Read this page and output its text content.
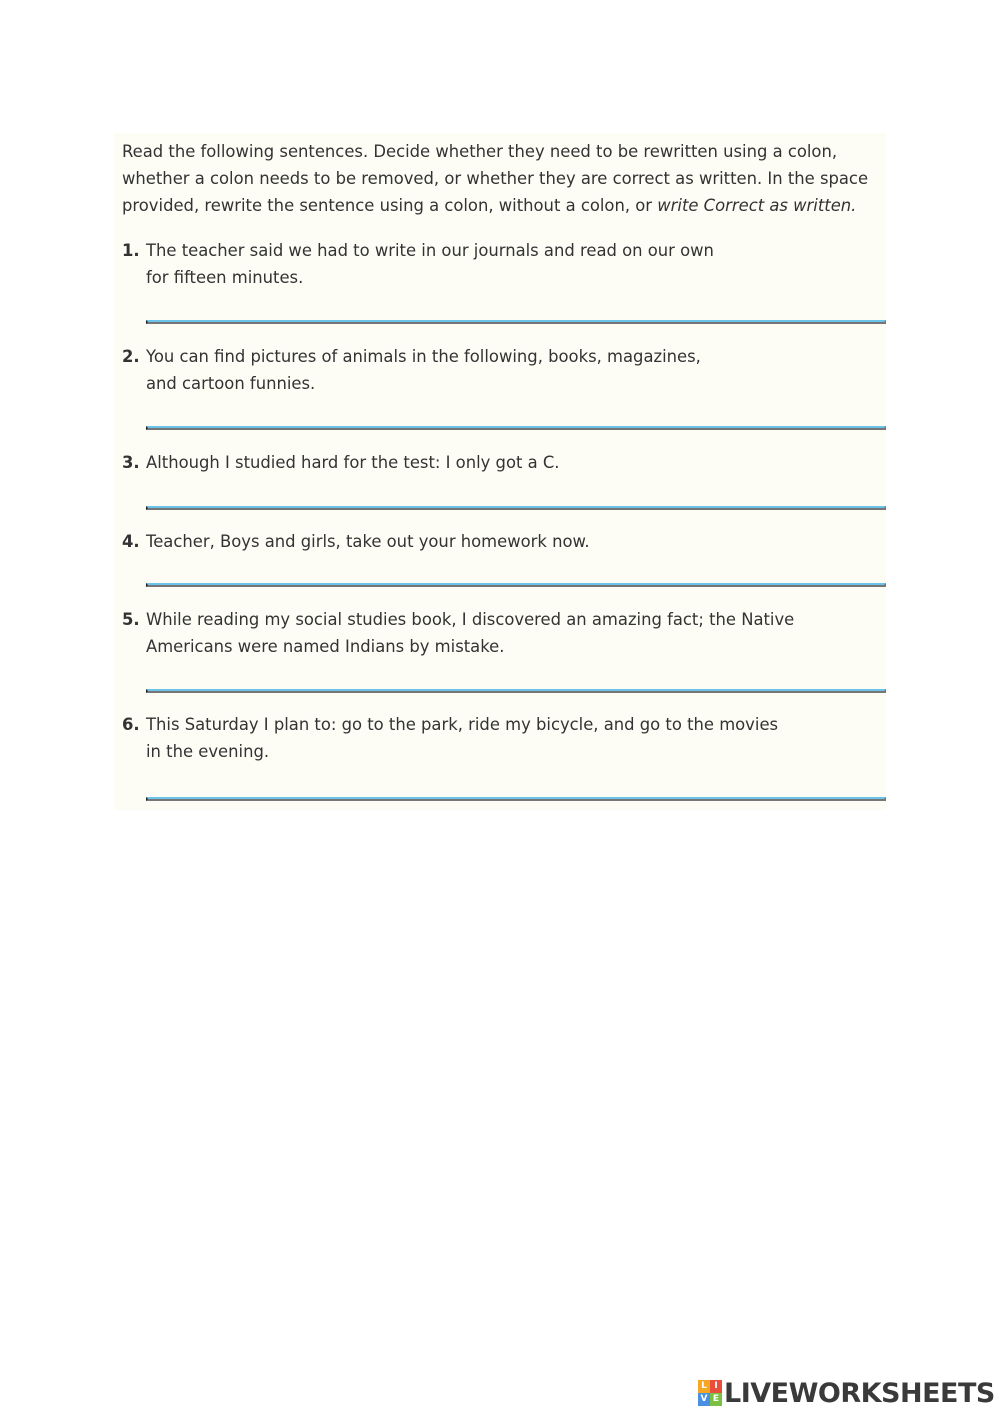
Read the following sentences. Decide whether they need to be rewritten using a colon, whether a colon needs to be removed, or whether they are correct as written. In the space provided, rewrite the sentence using a colon, without a colon, or write Correct as written.

1. The teacher said we had to write in our journals and read on our own
for fifteen minutes.
2. You can find pictures of animals in the following, books, magazines,
and cartoon funnies.
3. Although I studied hard for the test: I only got a C.
4. Teacher, Boys and girls, take out your homework now.
5. While reading my social studies book, I discovered an amazing fact; the Native
Americans were named Indians by mistake.
6. This Saturday I plan to: go to the park, ride my bicycle, and go to the movies
in the evening.
L I
V E LIVEWORKSHEETS
